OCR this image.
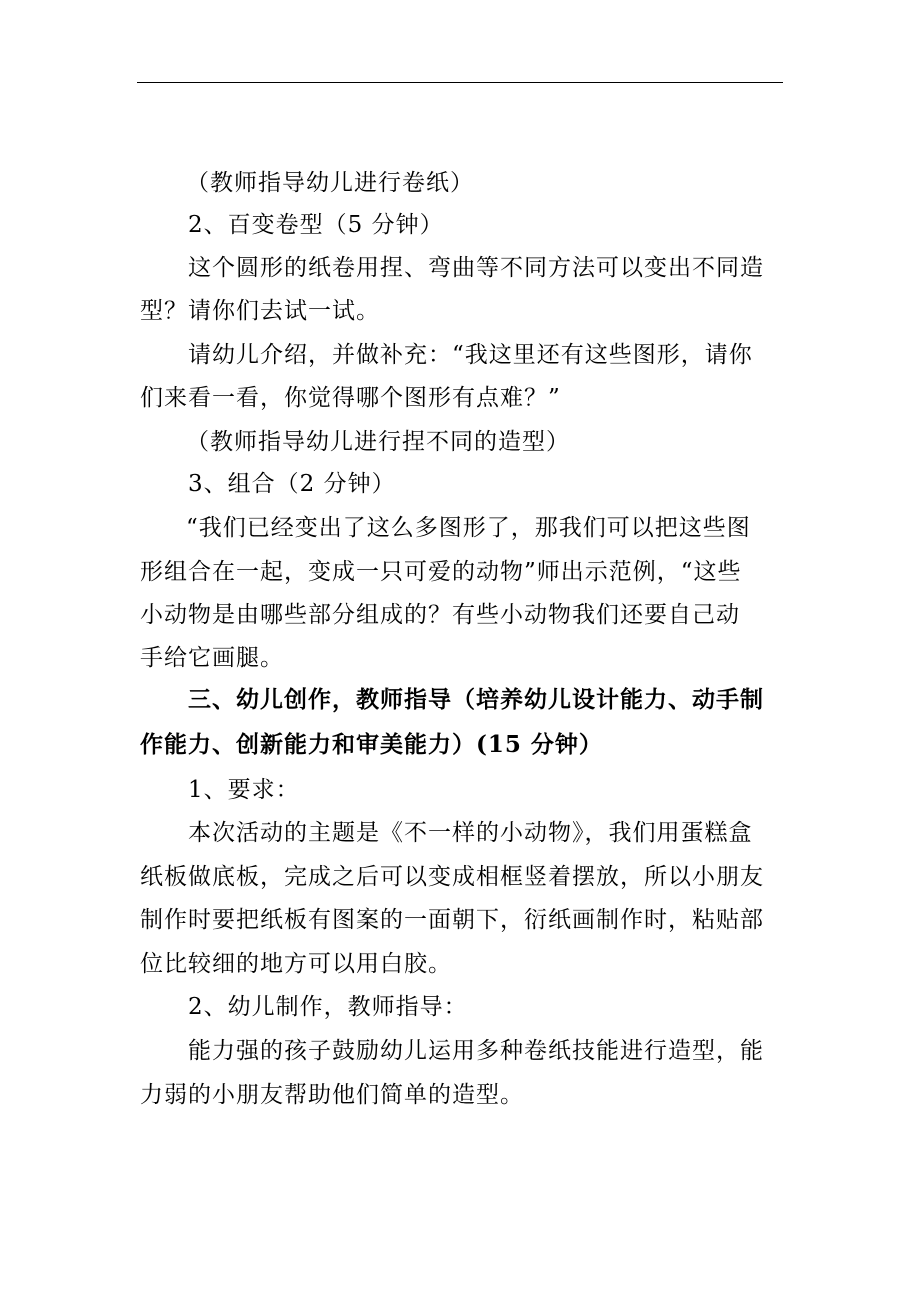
（教师指导幼儿进行卷纸）
2、百变卷型（5 分钟）
这个圆形的纸卷用捏、弯曲等不同方法可以变出不同造
型？请你们去试一试。
请幼儿介绍，并做补充：“我这里还有这些图形，请你
们来看一看，你觉得哪个图形有点难？”
（教师指导幼儿进行捏不同的造型）
3、组合（2 分钟）
“我们已经变出了这么多图形了，那我们可以把这些图
形组合在一起，变成一只可爱的动物”师出示范例，“这些
小动物是由哪些部分组成的？有些小动物我们还要自己动
手给它画腿。
三、幼儿创作，教师指导（培养幼儿设计能力、动手制
作能力、创新能力和审美能力）(15 分钟）
1、要求：
本次活动的主题是《不一样的小动物》，我们用蛋糕盒
纸板做底板，完成之后可以变成相框竖着摆放，所以小朋友
制作时要把纸板有图案的一面朝下，衍纸画制作时，粘贴部
位比较细的地方可以用白胶。
2、幼儿制作，教师指导：
能力强的孩子鼓励幼儿运用多种卷纸技能进行造型，能
力弱的小朋友帮助他们简单的造型。
